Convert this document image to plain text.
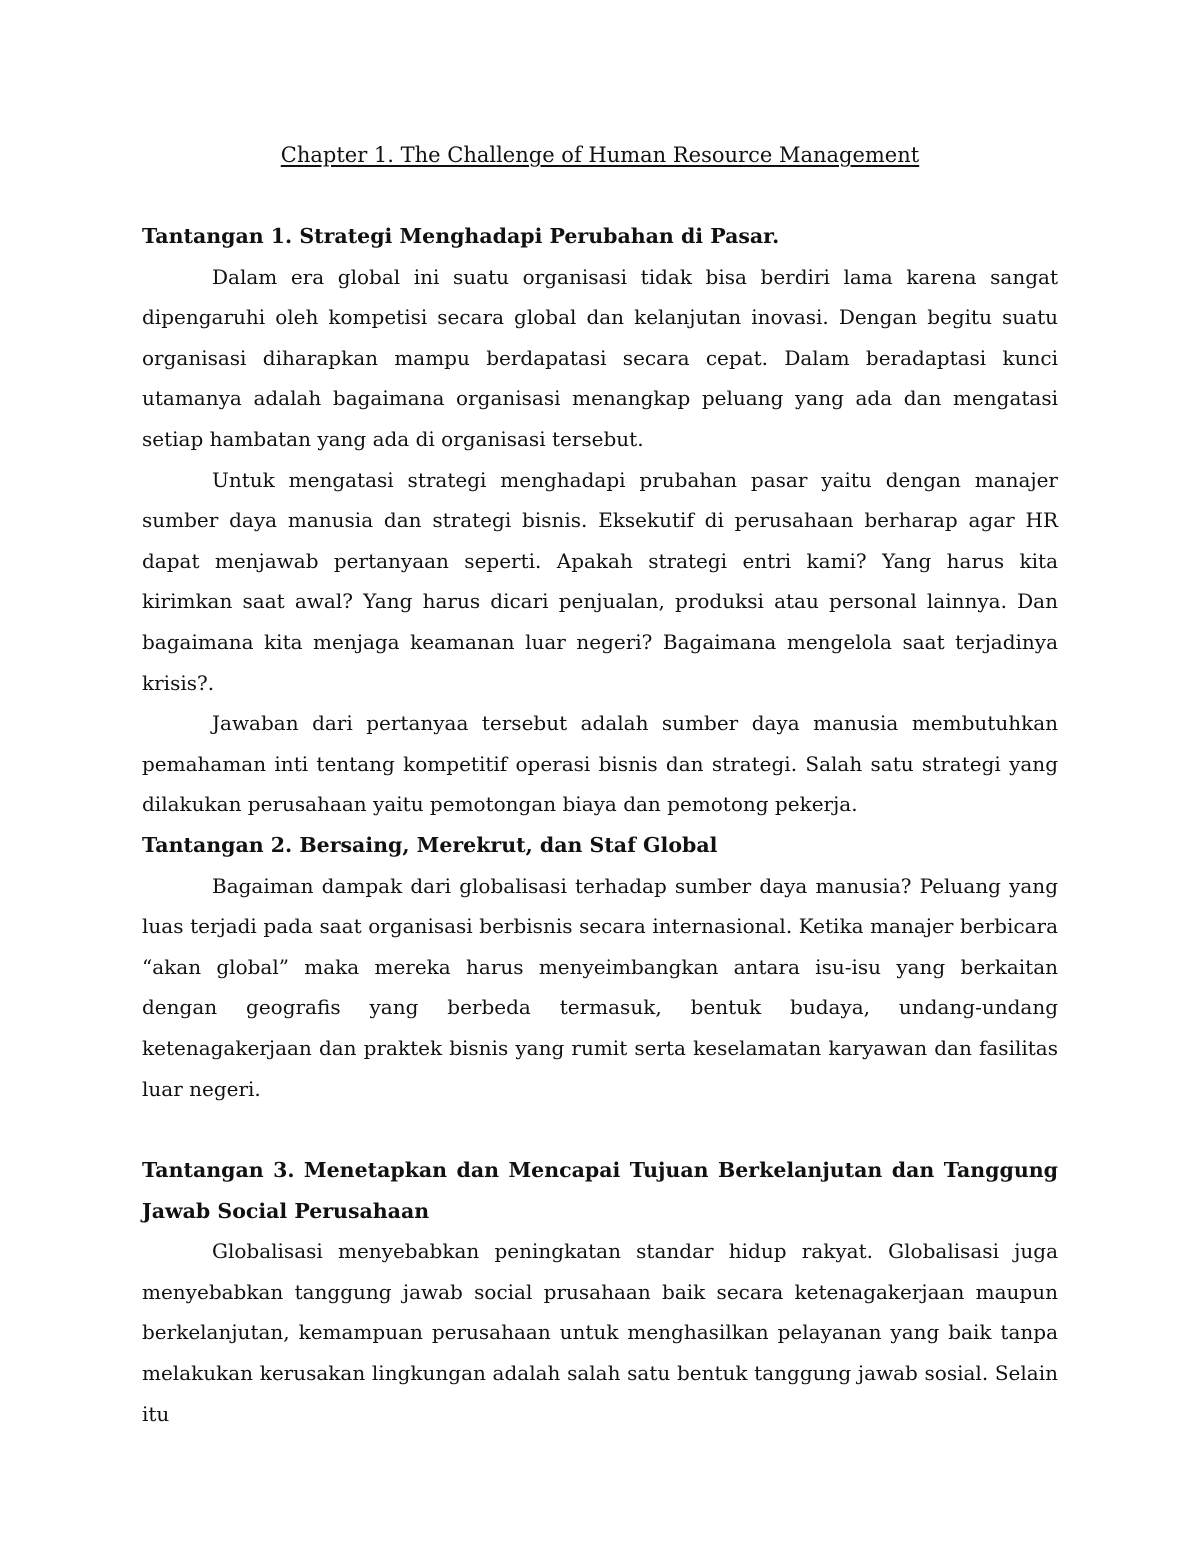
Chapter 1. The Challenge of Human Resource Management

Tantangan 1. Strategi Menghadapi Perubahan di Pasar.

Dalam era global ini suatu organisasi tidak bisa berdiri lama karena sangat dipengaruhi oleh kompetisi secara global dan kelanjutan inovasi. Dengan begitu suatu organisasi diharapkan mampu berdapatasi secara cepat. Dalam beradaptasi kunci utamanya adalah bagaimana organisasi menangkap peluang yang ada dan mengatasi setiap hambatan yang ada di organisasi tersebut.

Untuk mengatasi strategi menghadapi prubahan pasar yaitu dengan manajer sumber daya manusia dan strategi bisnis. Eksekutif di perusahaan berharap agar HR dapat menjawab pertanyaan seperti. Apakah strategi entri kami? Yang harus kita kirimkan saat awal? Yang harus dicari penjualan, produksi atau personal lainnya. Dan bagaimana kita menjaga keamanan luar negeri? Bagaimana mengelola saat terjadinya krisis?.

Jawaban dari pertanyaa tersebut adalah sumber daya manusia membutuhkan pemahaman inti tentang kompetitif operasi bisnis dan strategi. Salah satu strategi yang dilakukan perusahaan yaitu pemotongan biaya dan pemotong pekerja.

Tantangan 2. Bersaing, Merekrut, dan Staf Global

Bagaiman dampak dari globalisasi terhadap sumber daya manusia? Peluang yang luas terjadi pada saat organisasi berbisnis secara internasional. Ketika manajer berbicara “akan global” maka mereka harus menyeimbangkan antara isu-isu yang berkaitan dengan geografis yang berbeda termasuk, bentuk budaya, undang-undang ketenagakerjaan dan praktek bisnis yang rumit serta keselamatan karyawan dan fasilitas luar negeri.

Tantangan 3. Menetapkan dan Mencapai Tujuan Berkelanjutan dan Tanggung Jawab Social Perusahaan

Globalisasi menyebabkan peningkatan standar hidup rakyat. Globalisasi juga menyebabkan tanggung jawab social prusahaan baik secara ketenagakerjaan maupun berkelanjutan, kemampuan perusahaan untuk menghasilkan pelayanan yang baik tanpa melakukan kerusakan lingkungan adalah salah satu bentuk tanggung jawab sosial. Selain itu
